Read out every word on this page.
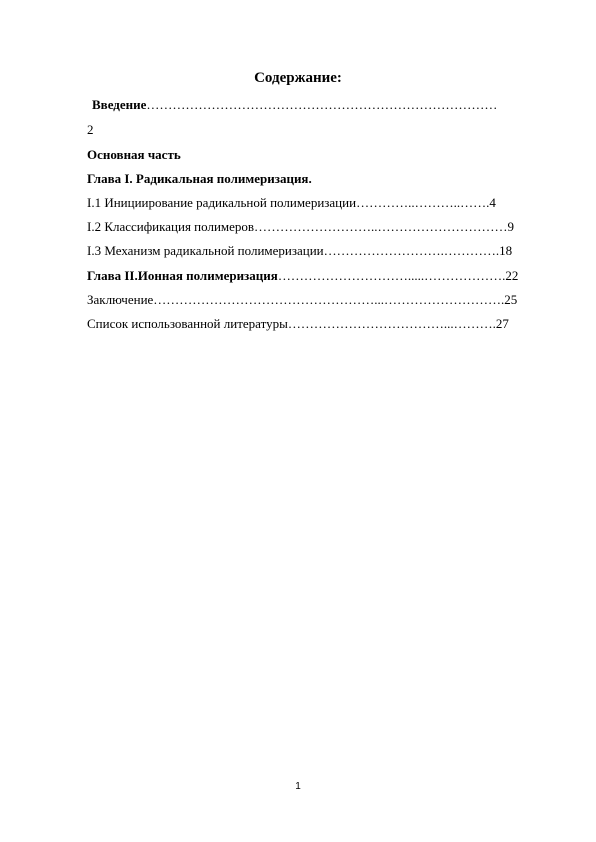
Содержание:
Введение………………………………………………………………………
2
Основная часть
Глава I. Радикальная полимеризация.
I.1 Инициирование радикальной полимеризации…………..………..…….4
I.2 Классификация полимеров………………………..…………………………9
I.3 Механизм радикальной полимеризации……………………….………….18
Глава II.Ионная полимеризация………………………….....……………….22
Заключение……………………………………………...……………………….25
Список использованной литературы………………………………...……….27
1
